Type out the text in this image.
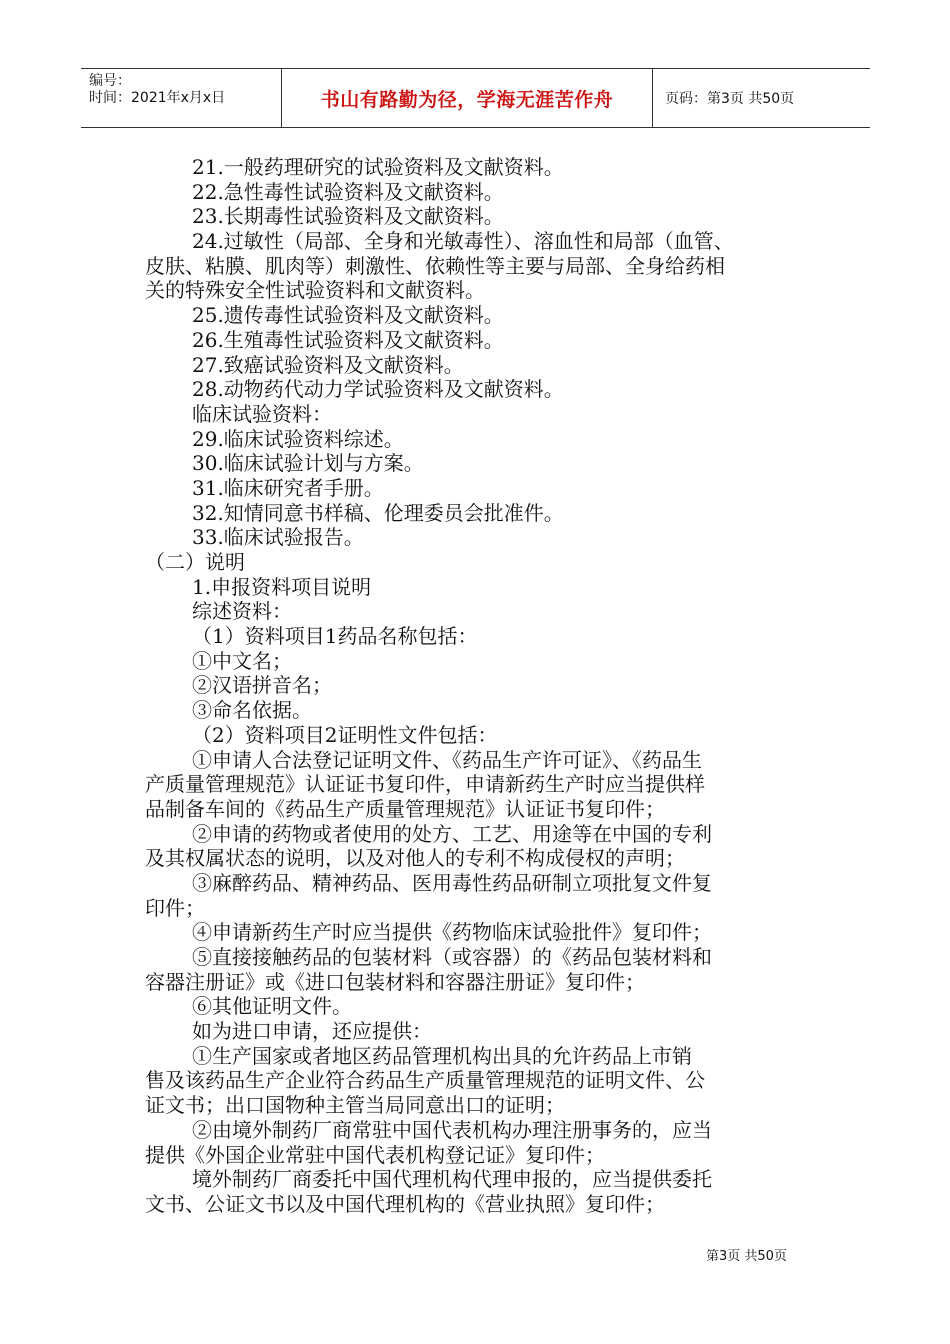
编号：
时间：2021年x月x日	书山有路勤为径，学海无涯苦作舟	页码：第3页 共50页
21.一般药理研究的试验资料及文献资料。
22.急性毒性试验资料及文献资料。
23.长期毒性试验资料及文献资料。
24.过敏性（局部、全身和光敏毒性）、溶血性和局部（血管、
皮肤、粘膜、肌肉等）刺激性、依赖性等主要与局部、全身给药相
关的特殊安全性试验资料和文献资料。
25.遗传毒性试验资料及文献资料。
26.生殖毒性试验资料及文献资料。
27.致癌试验资料及文献资料。
28.动物药代动力学试验资料及文献资料。
临床试验资料：
29.临床试验资料综述。
30.临床试验计划与方案。
31.临床研究者手册。
32.知情同意书样稿、伦理委员会批准件。
33.临床试验报告。
（二）说明
1.申报资料项目说明
综述资料：
（1）资料项目1药品名称包括：
①中文名；
②汉语拼音名；
③命名依据。
（2）资料项目2证明性文件包括：
①申请人合法登记证明文件、《药品生产许可证》、《药品生
产质量管理规范》认证证书复印件，申请新药生产时应当提供样
品制备车间的《药品生产质量管理规范》认证证书复印件；
②申请的药物或者使用的处方、工艺、用途等在中国的专利
及其权属状态的说明，以及对他人的专利不构成侵权的声明；
③麻醉药品、精神药品、医用毒性药品研制立项批复文件复
印件；
④申请新药生产时应当提供《药物临床试验批件》复印件；
⑤直接接触药品的包装材料（或容器）的《药品包装材料和
容器注册证》或《进口包装材料和容器注册证》复印件；
⑥其他证明文件。
如为进口申请，还应提供：
①生产国家或者地区药品管理机构出具的允许药品上市销
售及该药品生产企业符合药品生产质量管理规范的证明文件、公
证文书；出口国物种主管当局同意出口的证明；
②由境外制药厂商常驻中国代表机构办理注册事务的，应当
提供《外国企业常驻中国代表机构登记证》复印件；
境外制药厂商委托中国代理机构代理申报的，应当提供委托
文书、公证文书以及中国代理机构的《营业执照》复印件；
第3页 共50页
